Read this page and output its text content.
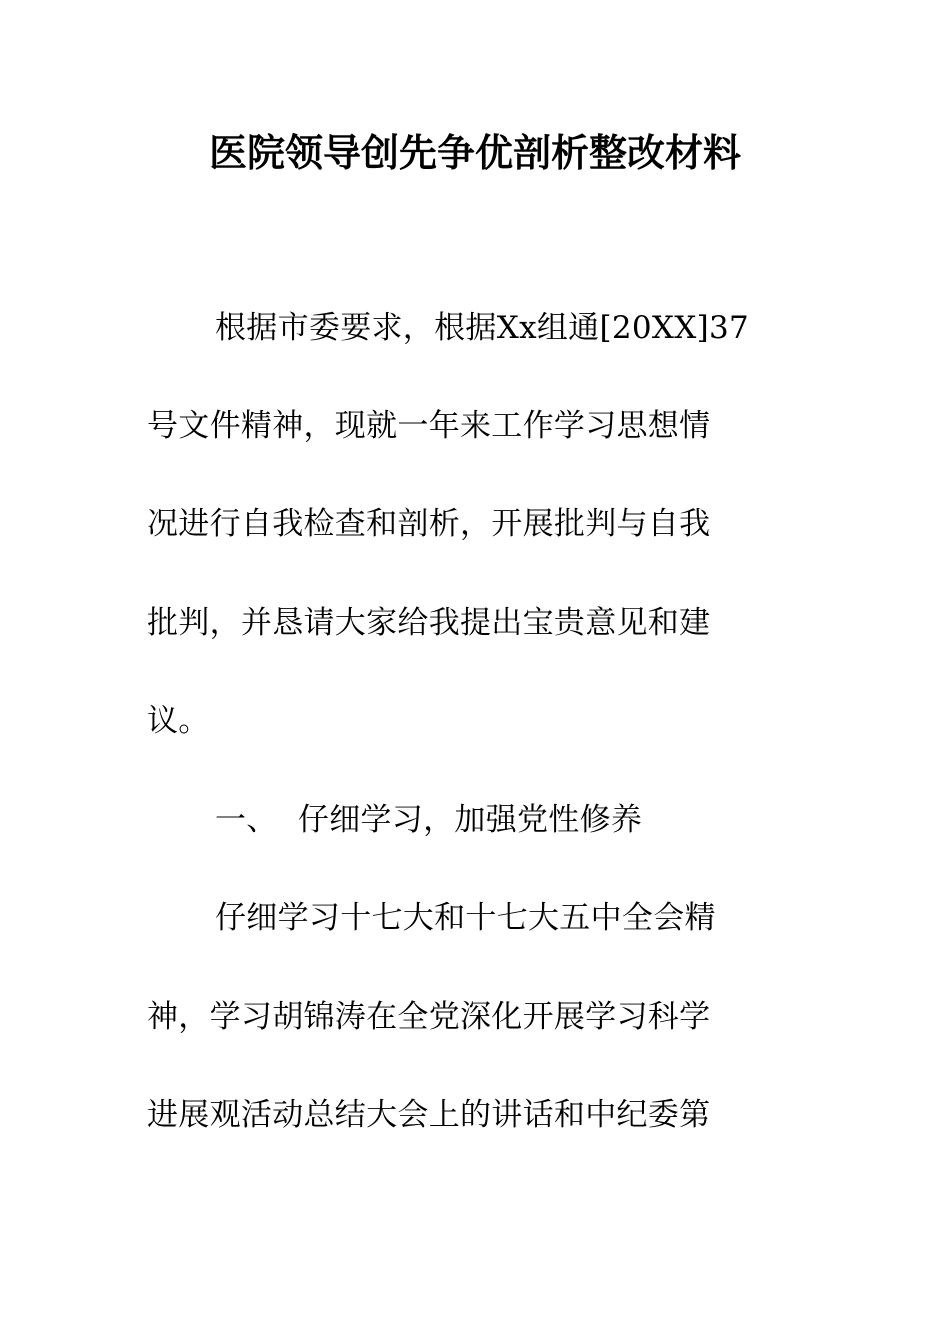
医院领导创先争优剖析整改材料
根据市委要求，根据Xx组通[20XX]37
号文件精神，现就一年来工作学习思想情
况进行自我检查和剖析，开展批判与自我
批判，并恳请大家给我提出宝贵意见和建
议。
一、  仔细学习，加强党性修养
仔细学习十七大和十七大五中全会精
神，学习胡锦涛在全党深化开展学习科学
进展观活动总结大会上的讲话和中纪委第
